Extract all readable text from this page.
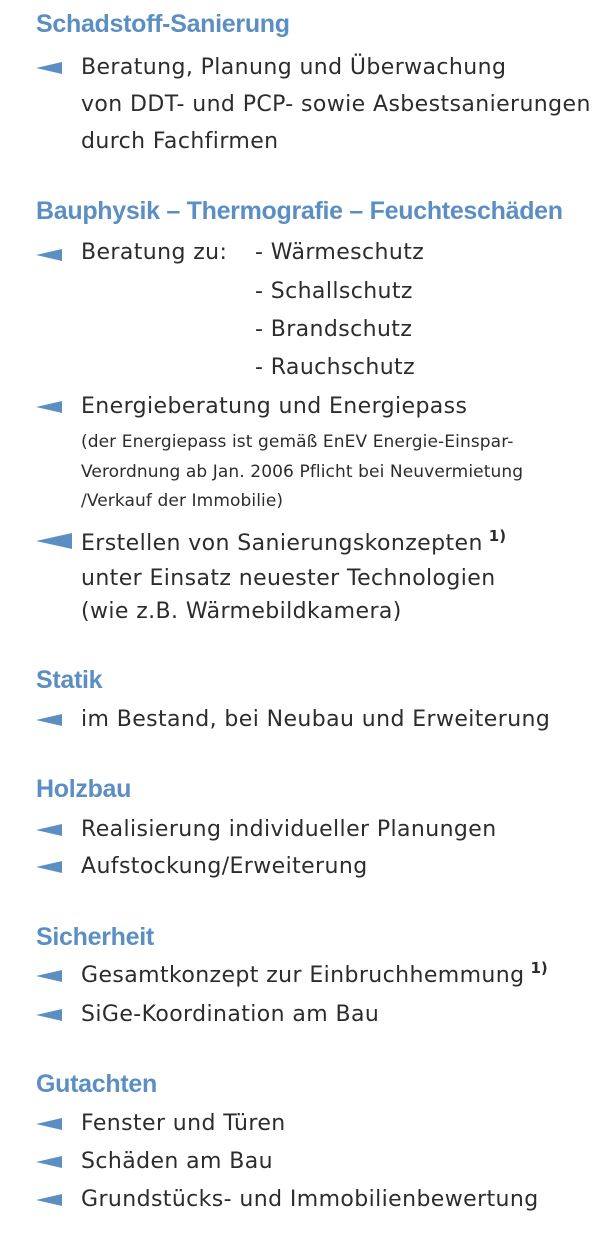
Schadstoff-Sanierung
Beratung, Planung und Überwachung
von DDT- und PCP- sowie Asbestsanierungen
durch Fachfirmen
Bauphysik – Thermografie – Feuchteschäden
Beratung zu: - Wärmeschutz
- Schallschutz
- Brandschutz
- Rauchschutz
Energieberatung und Energiepass
(der Energiepass ist gemäß EnEV Energie-Einspar-
Verordnung ab Jan. 2006 Pflicht bei Neuvermietung
/Verkauf der Immobilie)
Erstellen von Sanierungskonzepten $^{1)}$
unter Einsatz neuester Technologien
(wie z.B. Wärmebildkamera)
Statik
im Bestand, bei Neubau und Erweiterung
Holzbau
Realisierung individueller Planungen
Aufstockung/Erweiterung
Sicherheit
Gesamtkonzept zur Einbruchhemmung $^{1)}$
SiGe-Koordination am Bau
Gutachten
Fenster und Türen
Schäden am Bau
Grundstücks- und Immobilienbewertung
